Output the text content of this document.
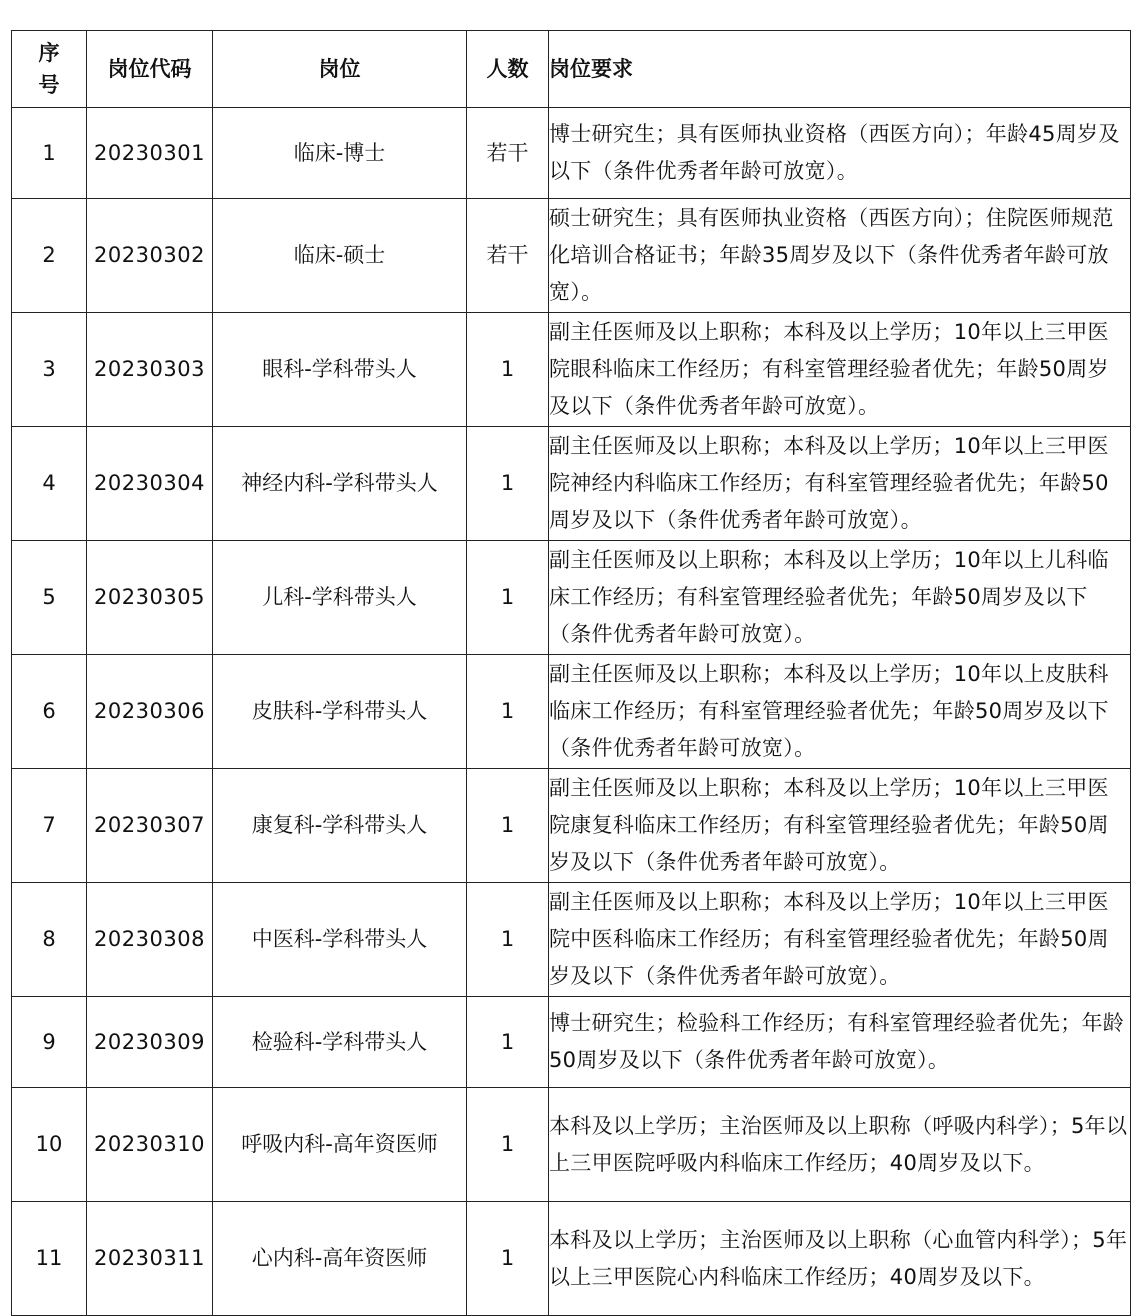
序号	岗位代码	岗位	人数	岗位要求
1	20230301	临床-博士	若干	博士研究生；具有医师执业资格（西医方向）；年龄45周岁及以下（条件优秀者年龄可放宽）。
2	20230302	临床-硕士	若干	硕士研究生；具有医师执业资格（西医方向）；住院医师规范化培训合格证书；年龄35周岁及以下（条件优秀者年龄可放宽）。
3	20230303	眼科-学科带头人	1	副主任医师及以上职称；本科及以上学历；10年以上三甲医院眼科临床工作经历；有科室管理经验者优先；年龄50周岁及以下（条件优秀者年龄可放宽）。
4	20230304	神经内科-学科带头人	1	副主任医师及以上职称；本科及以上学历；10年以上三甲医院神经内科临床工作经历；有科室管理经验者优先；年龄50周岁及以下（条件优秀者年龄可放宽）。
5	20230305	儿科-学科带头人	1	副主任医师及以上职称；本科及以上学历；10年以上儿科临床工作经历；有科室管理经验者优先；年龄50周岁及以下（条件优秀者年龄可放宽）。
6	20230306	皮肤科-学科带头人	1	副主任医师及以上职称；本科及以上学历；10年以上皮肤科临床工作经历；有科室管理经验者优先；年龄50周岁及以下（条件优秀者年龄可放宽）。
7	20230307	康复科-学科带头人	1	副主任医师及以上职称；本科及以上学历；10年以上三甲医院康复科临床工作经历；有科室管理经验者优先；年龄50周岁及以下（条件优秀者年龄可放宽）。
8	20230308	中医科-学科带头人	1	副主任医师及以上职称；本科及以上学历；10年以上三甲医院中医科临床工作经历；有科室管理经验者优先；年龄50周岁及以下（条件优秀者年龄可放宽）。
9	20230309	检验科-学科带头人	1	博士研究生；检验科工作经历；有科室管理经验者优先；年龄50周岁及以下（条件优秀者年龄可放宽）。
10	20230310	呼吸内科-高年资医师	1	本科及以上学历；主治医师及以上职称（呼吸内科学）；5年以上三甲医院呼吸内科临床工作经历；40周岁及以下。
11	20230311	心内科-高年资医师	1	本科及以上学历；主治医师及以上职称（心血管内科学）；5年以上三甲医院心内科临床工作经历；40周岁及以下。
